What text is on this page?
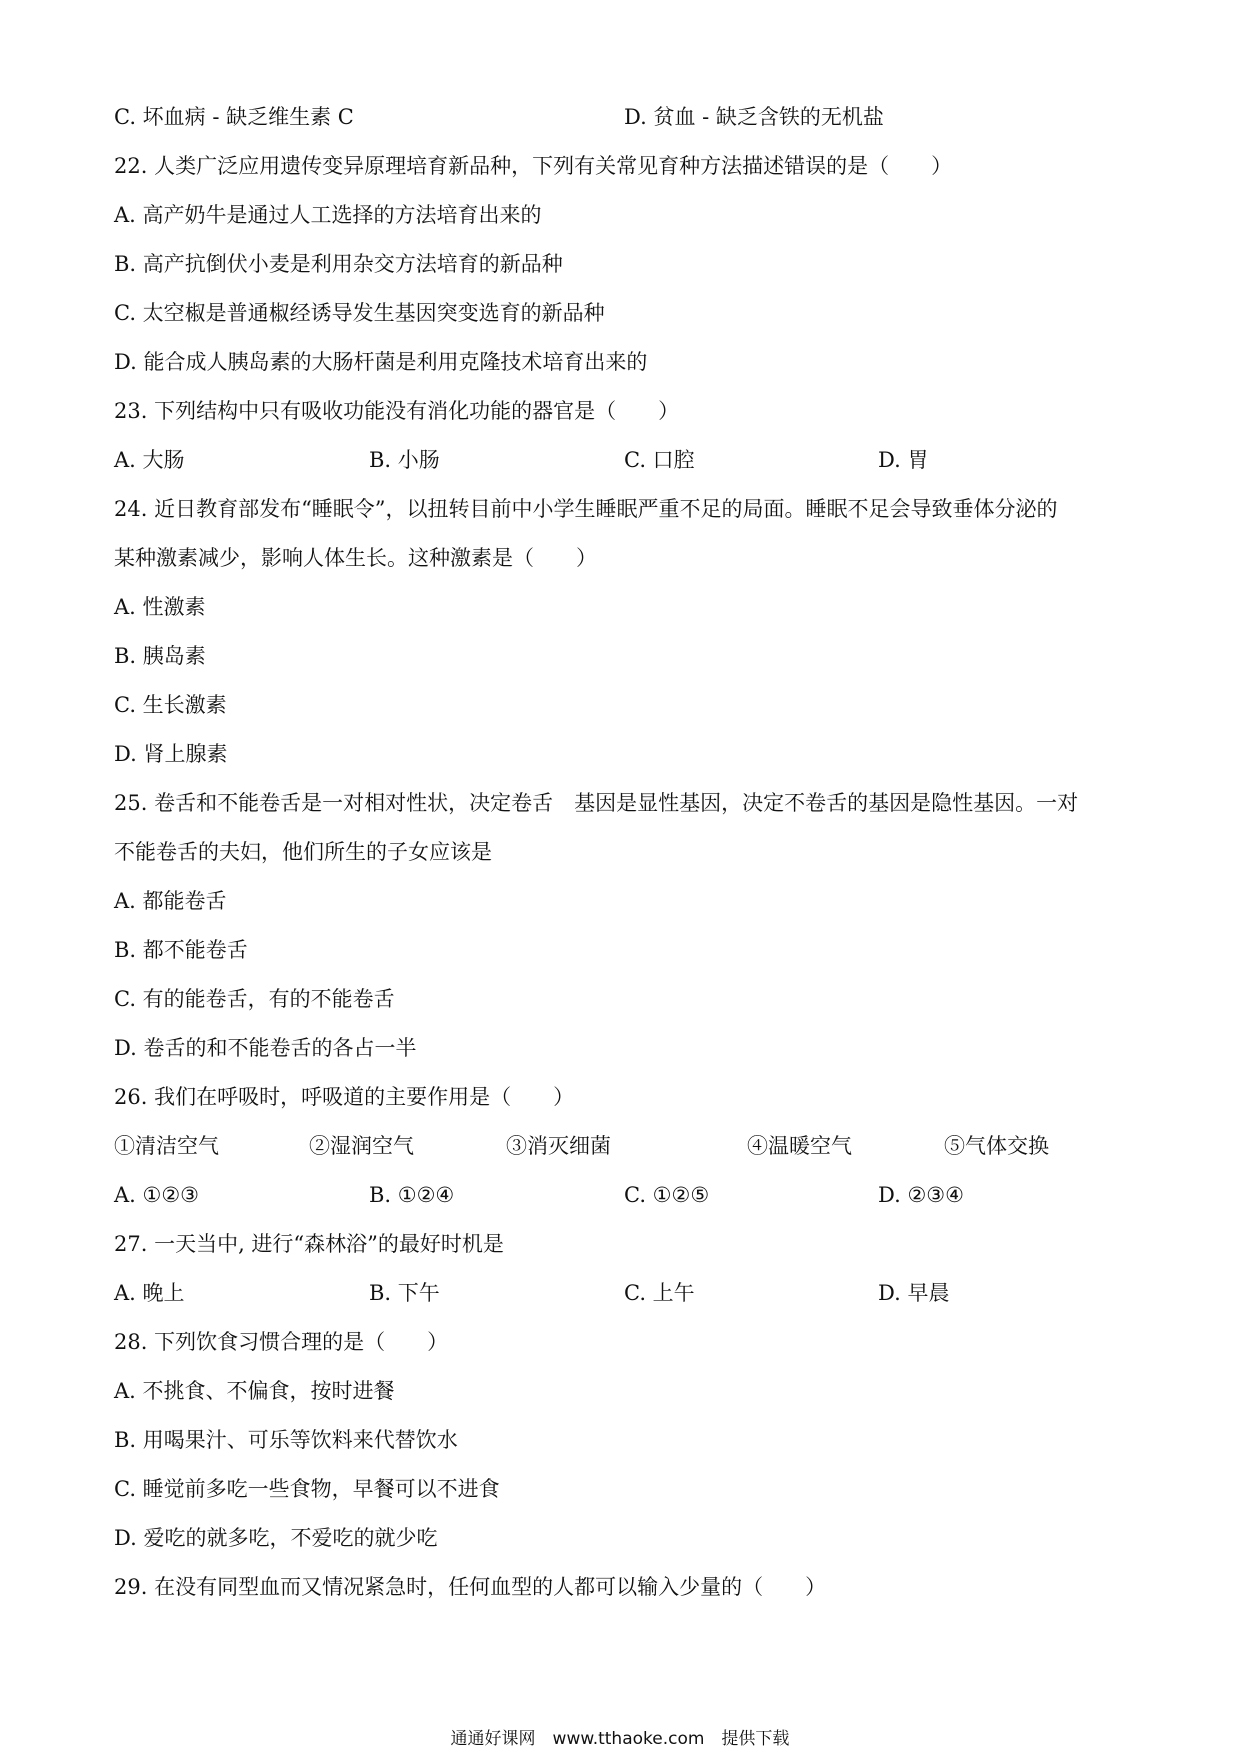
C. 坏血病 - 缺乏维生素 C	D. 贫血 - 缺乏含铁的无机盐
22. 人类广泛应用遗传变异原理培育新品种，下列有关常见育种方法描述错误的是（　　）
A. 高产奶牛是通过人工选择的方法培育出来的
B. 高产抗倒伏小麦是利用杂交方法培育的新品种
C. 太空椒是普通椒经诱导发生基因突变选育的新品种
D. 能合成人胰岛素的大肠杆菌是利用克隆技术培育出来的
23. 下列结构中只有吸收功能没有消化功能的器官是（　　）
A. 大肠	B. 小肠	C. 口腔	D. 胃
24. 近日教育部发布“睡眠令”，以扭转目前中小学生睡眠严重不足的局面。睡眠不足会导致垂体分泌的
某种激素减少，影响人体生长。这种激素是（　　）
A. 性激素
B. 胰岛素
C. 生长激素
D. 肾上腺素
25. 卷舌和不能卷舌是一对相对性状，决定卷舌　基因是显性基因，决定不卷舌的基因是隐性基因。一对
不能卷舌的夫妇，他们所生的子女应该是
A. 都能卷舌
B. 都不能卷舌
C. 有的能卷舌，有的不能卷舌
D. 卷舌的和不能卷舌的各占一半
26. 我们在呼吸时，呼吸道的主要作用是（　　）
①清洁空气	②湿润空气	③消灭细菌	④温暖空气	⑤气体交换
A. ①②③	B. ①②④	C. ①②⑤	D. ②③④
27. 一天当中, 进行“森林浴”的最好时机是
A. 晚上	B. 下午	C. 上午	D. 早晨
28. 下列饮食习惯合理的是（　　）
A. 不挑食、不偏食，按时进餐
B. 用喝果汁、可乐等饮料来代替饮水
C. 睡觉前多吃一些食物，早餐可以不进食
D. 爱吃的就多吃，不爱吃的就少吃
29. 在没有同型血而又情况紧急时，任何血型的人都可以输入少量的（　　）
通通好课网　www.tthaoke.com　提供下载
